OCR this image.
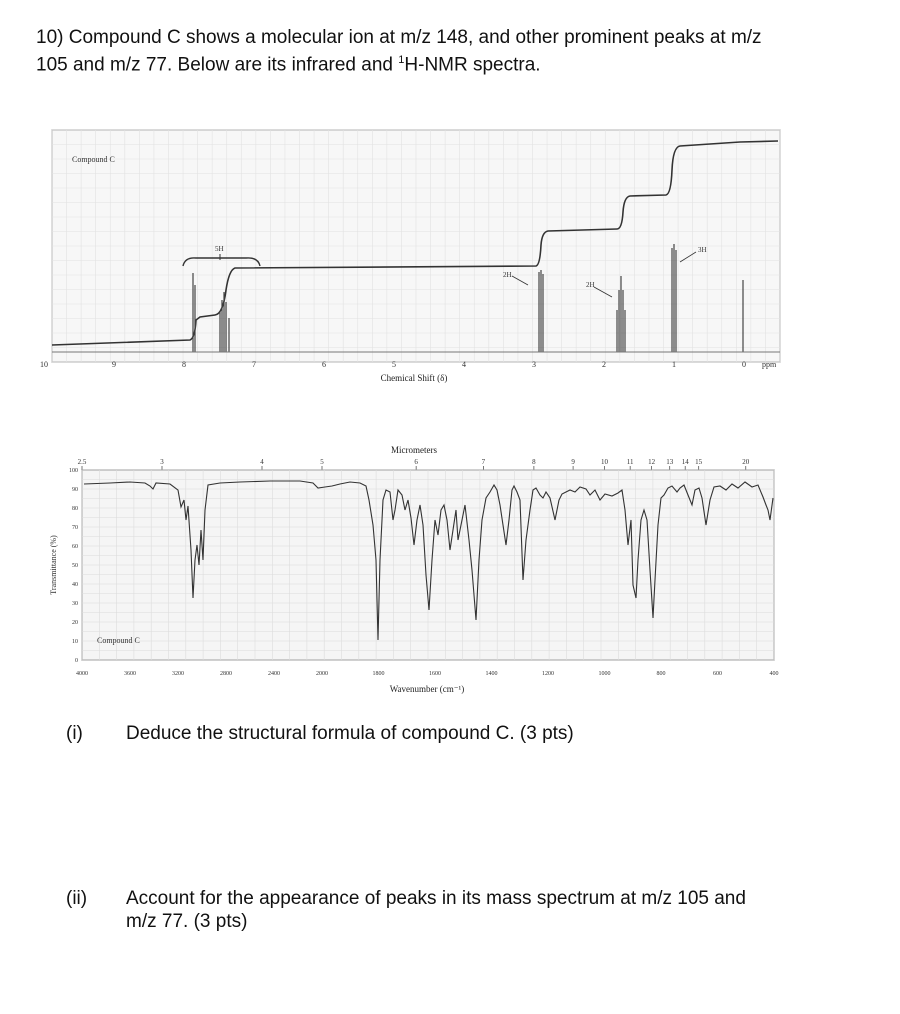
10) Compound C shows a molecular ion at m/z 148, and other prominent peaks at m/z
105 and m/z 77. Below are its infrared and $^1$H-NMR spectra.
Compound C
5H
2H
2H
3H
10	9	8	7	6	5	4	3	2	1	0 ppm
Chemical Shift (δ)
Micrometers
2.5	3	4	5	6	7	8	9	10	11 12 13 14 15	20
100
90
80
70
60
50
40
30
20
10
0
Transmittance (%)
Compound C
4000	3600	3200	2800	2400	2000	1800	1600	1400	1200	1000	800	600	400
Wavenumber (cm⁻¹)
(i) Deduce the structural formula of compound C. (3 pts)
(ii) Account for the appearance of peaks in its mass spectrum at m/z 105 and
m/z 77. (3 pts)
